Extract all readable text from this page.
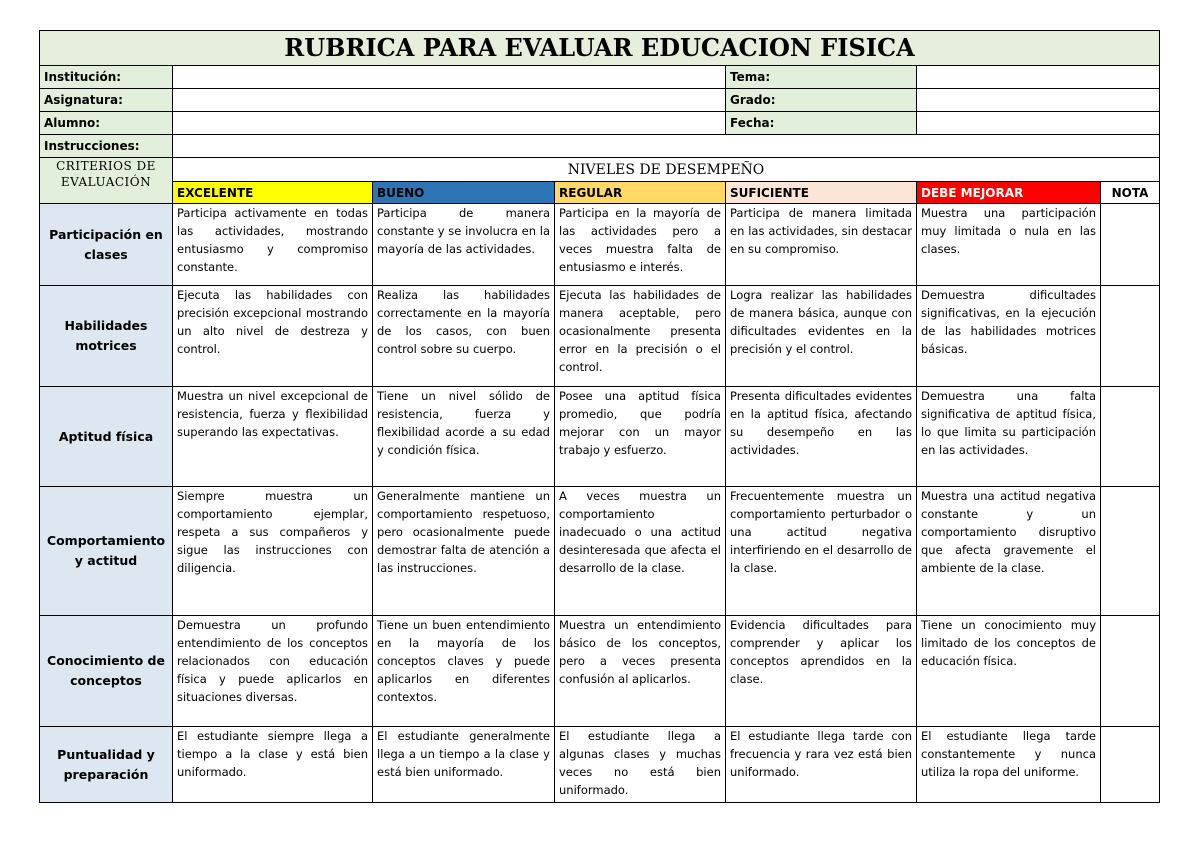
RUBRICA PARA EVALUAR EDUCACION FISICA						
Institución:				Tema:		
Asignatura:				Grado:		
Alumno:				Fecha:		
Instrucciones:						
CRITERIOS DE EVALUACIÓN	NIVELES DE DESEMPEÑO					
	EXCELENTE	BUENO	REGULAR	SUFICIENTE	DEBE MEJORAR	NOTA
Participación en clases	Participa activamente en todas las actividades, mostrando entusiasmo y compromiso constante.	Participa de manera constante y se involucra en la mayoría de las actividades.	Participa en la mayoría de las actividades pero a veces muestra falta de entusiasmo e interés.	Participa de manera limitada en las actividades, sin destacar en su compromiso.	Muestra una participación muy limitada o nula en las clases.	
Habilidades motrices	Ejecuta las habilidades con precisión excepcional mostrando un alto nivel de destreza y control.	Realiza las habilidades correctamente en la mayoría de los casos, con buen control sobre su cuerpo.	Ejecuta las habilidades de manera aceptable, pero ocasionalmente presenta error en la precisión o el control.	Logra realizar las habilidades de manera básica, aunque con dificultades evidentes en la precisión y el control.	Demuestra dificultades significativas, en la ejecución de las habilidades motrices básicas.	
Aptitud física	Muestra un nivel excepcional de resistencia, fuerza y flexibilidad superando las expectativas.	Tiene un nivel sólido de resistencia, fuerza y flexibilidad acorde a su edad y condición física.	Posee una aptitud física promedio, que podría mejorar con un mayor trabajo y esfuerzo.	Presenta dificultades evidentes en la aptitud física, afectando su desempeño en las actividades.	Demuestra una falta significativa de aptitud física, lo que limita su participación en las actividades.	
Comportamiento y actitud	Siempre muestra un comportamiento ejemplar, respeta a sus compañeros y sigue las instrucciones con diligencia.	Generalmente mantiene un comportamiento respetuoso, pero ocasionalmente puede demostrar falta de atención a las instrucciones.	A veces muestra un comportamiento inadecuado o una actitud desinteresada que afecta el desarrollo de la clase.	Frecuentemente muestra un comportamiento perturbador o una actitud negativa interfiriendo en el desarrollo de la clase.	Muestra una actitud negativa constante y un comportamiento disruptivo que afecta gravemente el ambiente de la clase.	
Conocimiento de conceptos	Demuestra un profundo entendimiento de los conceptos relacionados con educación física y puede aplicarlos en situaciones diversas.	Tiene un buen entendimiento en la mayoría de los conceptos claves y puede aplicarlos en diferentes contextos.	Muestra un entendimiento básico de los conceptos, pero a veces presenta confusión al aplicarlos.	Evidencia dificultades para comprender y aplicar los conceptos aprendidos en la clase.	Tiene un conocimiento muy limitado de los conceptos de educación física.	
Puntualidad y preparación	El estudiante siempre llega a tiempo a la clase y está bien uniformado.	El estudiante generalmente llega a un tiempo a la clase y está bien uniformado.	El estudiante llega a algunas clases y muchas veces no está bien uniformado.	El estudiante llega tarde con frecuencia y rara vez está bien uniformado.	El estudiante llega tarde constantemente y nunca utiliza la ropa del uniforme.	
